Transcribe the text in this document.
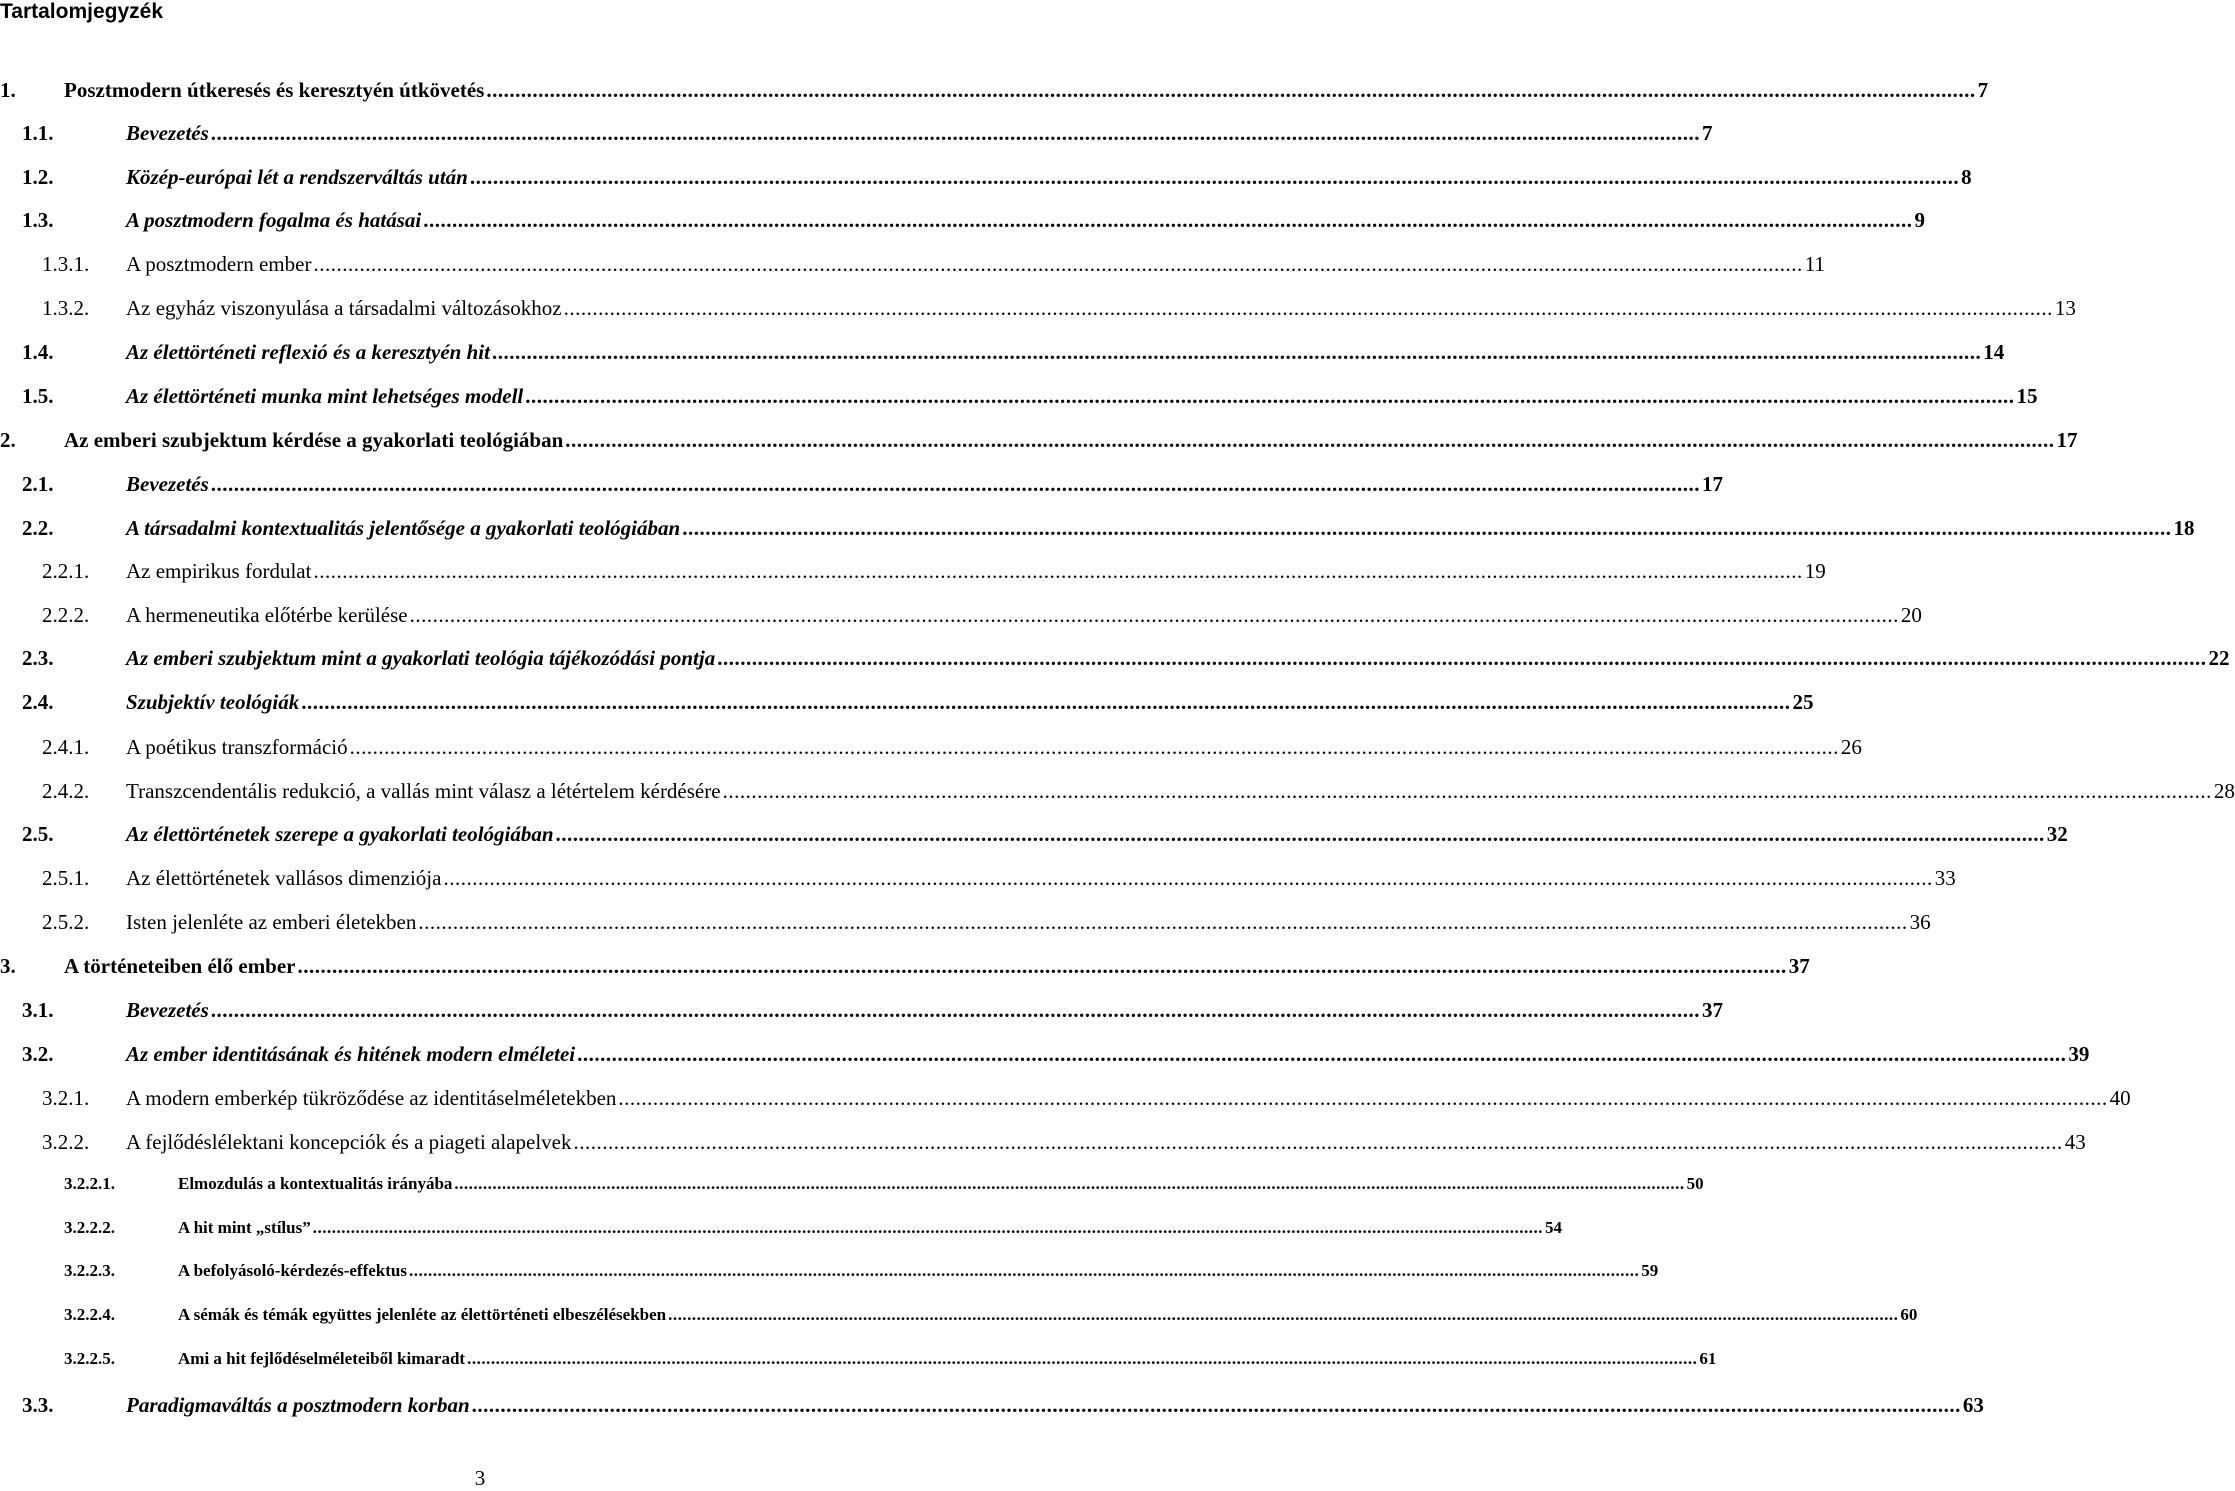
Tartalomjegyzék
1.	Posztmodern útkeresés és keresztyén útkövetés .....	7
1.1.	Bevezetés .....	7
1.2.	Közép-európai lét a rendszerváltás után .....	8
1.3.	A posztmodern fogalma és hatásai .....	9
1.3.1.	A posztmodern ember .....	11
1.3.2.	Az egyház viszonyulása a társadalmi változásokhoz .....	13
1.4.	Az élettörténeti reflexió és a keresztyén hit .....	14
1.5.	Az élettörténeti munka mint lehetséges modell .....	15
2.	Az emberi szubjektum kérdése a gyakorlati teológiában .....	17
2.1.	Bevezetés .....	17
2.2.	A társadalmi kontextualitás jelentősége a gyakorlati teológiában .....	18
2.2.1.	Az empirikus fordulat .....	19
2.2.2.	A hermeneutika előtérbe kerülése .....	20
2.3.	Az emberi szubjektum mint a gyakorlati teológia tájékozódási pontja .....	22
2.4.	Szubjektív teológiák .....	25
2.4.1.	A poétikus transzformáció .....	26
2.4.2.	Transzcendentális redukció, a vallás mint válasz a létértelem kérdésére .....	28
2.5.	Az élettörténetek szerepe a gyakorlati teológiában .....	32
2.5.1.	Az élettörténetek vallásos dimenziója .....	33
2.5.2.	Isten jelenléte az emberi életekben .....	36
3.	A történeteiben élő ember .....	37
3.1.	Bevezetés .....	37
3.2.	Az ember identitásának és hitének modern elméletei .....	39
3.2.1.	A modern emberkép tükröződése az identitáselméletekben .....	40
3.2.2.	A fejlődéslélektani koncepciók és a piageti alapelvek .....	43
3.2.2.1.	Elmozdulás a kontextualitás irányába .....	50
3.2.2.2.	A hit mint „stílus” .....	54
3.2.2.3.	A befolyásoló-kérdezés-effektus .....	59
3.2.2.4.	A sémák és témák együttes jelenléte az élettörténeti elbeszélésekben .....	60
3.2.2.5.	Ami a hit fejlődéselméleteiből kimaradt .....	61
3.3.	Paradigmaváltás a posztmodern korban .....	63
3
